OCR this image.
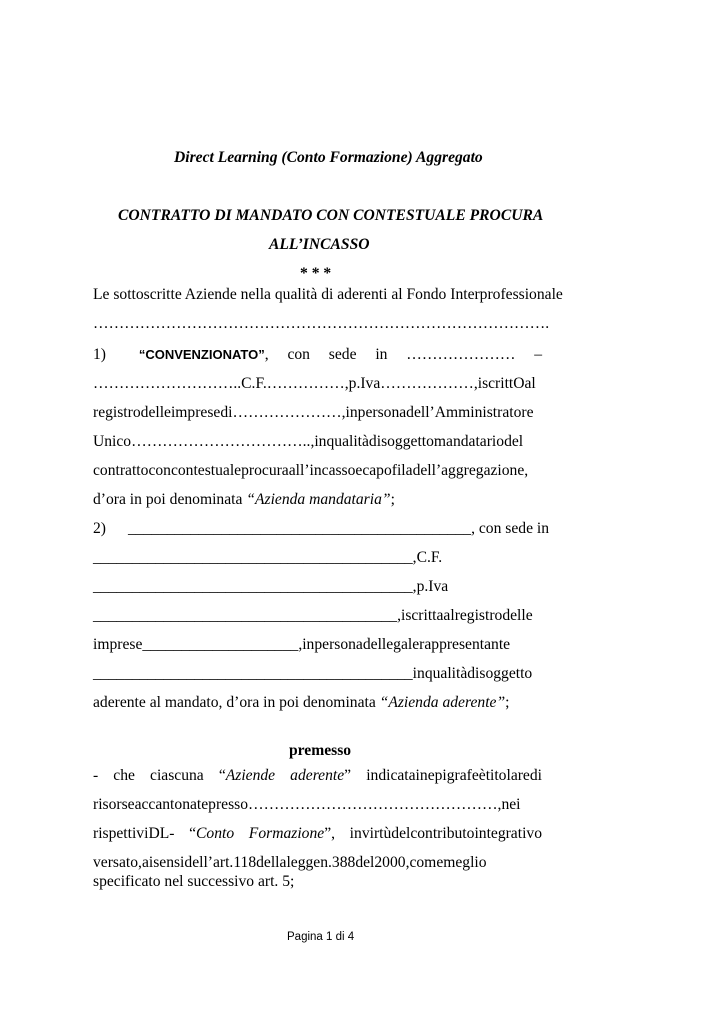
Direct Learning (Conto Formazione) Aggregato
CONTRATTO DI MANDATO CON CONTESTUALE PROCURA
ALL’INCASSO
* * *
Le sottoscritte Aziende nella qualità di aderenti al Fondo Interprofessionale
…………………………………………………………………………….
1)	“CONVENZIONATO”, con sede in ………………… –
………………………..C.F.……………,p.Iva………………,iscrittOal
registrodelleimpresedi…………………,inpersonadell’Amministratore
Unico……………………………..,inqualitàdisoggettomandatariodel
contrattoconcontestualeprocuraall’incassoecapofiladell’aggregazione,
d’ora in poi denominata “Azienda mandataria”;
2) ____________________________________________, con sede in
_________________________________________,C.F.
_________________________________________,p.Iva
_______________________________________,iscrittaalregistrodelle
imprese____________________,inpersonadellegalerappresentante
_________________________________________inqualitàdisoggetto
aderente al mandato, d’ora in poi denominata “Azienda aderente”;
premesso
- che ciascuna “Aziende aderente” indicatainepigrafeètitolaredi
risorseaccantonatepresso…………………………………………,nei
rispettiviDL- “Conto Formazione”, invirtùdelcontributointegrativo
versato,aisensidell’art.118dellaleggen.388del2000,comemeglio
specificato nel successivo art. 5;
Pagina 1 di 4
